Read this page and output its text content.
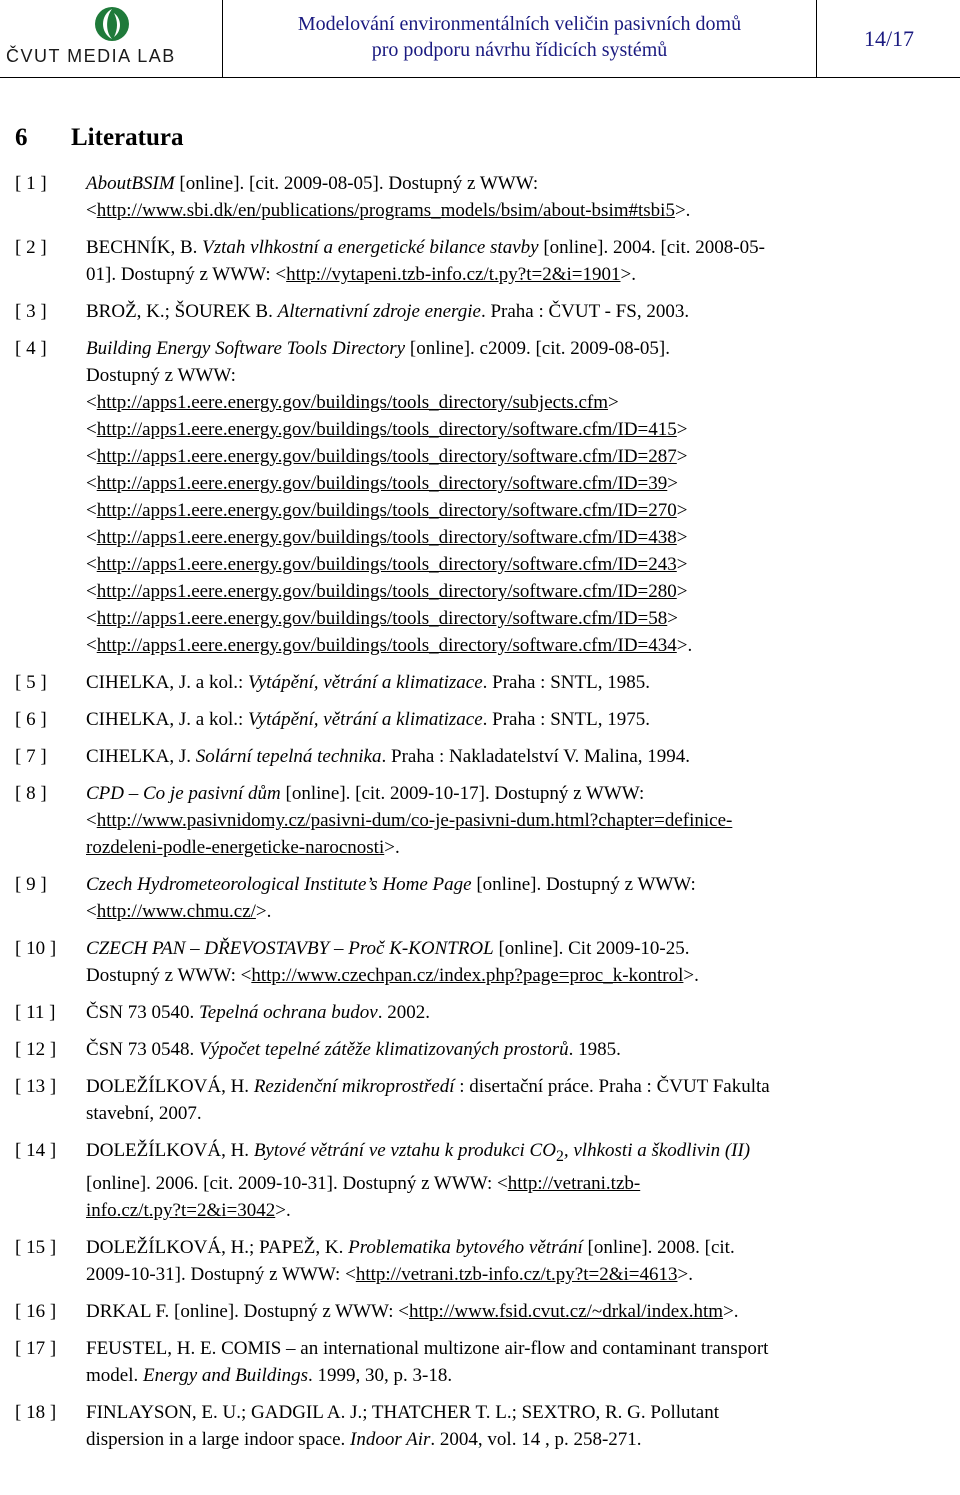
ČVUT MEDIA LAB
Modelování environmentálních veličin pasivních domů
pro podporu návrhu řídicích systémů	14/17
6 Literatura
[ 1 ] AboutBSIM [online]. [cit. 2009-08-05]. Dostupný z WWW:
<http://www.sbi.dk/en/publications/programs_models/bsim/about-bsim#tsbi5>.
[ 2 ] BECHNÍK, B. Vztah vlhkostní a energetické bilance stavby [online]. 2004. [cit. 2008-05-
01]. Dostupný z WWW: <http://vytapeni.tzb-info.cz/t.py?t=2&i=1901>.
[ 3 ] BROŽ, K.; ŠOUREK B. Alternativní zdroje energie. Praha : ČVUT - FS, 2003.
[ 4 ] Building Energy Software Tools Directory [online]. c2009. [cit. 2009-08-05].
Dostupný z WWW:
<http://apps1.eere.energy.gov/buildings/tools_directory/subjects.cfm>
<http://apps1.eere.energy.gov/buildings/tools_directory/software.cfm/ID=415>
<http://apps1.eere.energy.gov/buildings/tools_directory/software.cfm/ID=287>
<http://apps1.eere.energy.gov/buildings/tools_directory/software.cfm/ID=39>
<http://apps1.eere.energy.gov/buildings/tools_directory/software.cfm/ID=270>
<http://apps1.eere.energy.gov/buildings/tools_directory/software.cfm/ID=438>
<http://apps1.eere.energy.gov/buildings/tools_directory/software.cfm/ID=243>
<http://apps1.eere.energy.gov/buildings/tools_directory/software.cfm/ID=280>
<http://apps1.eere.energy.gov/buildings/tools_directory/software.cfm/ID=58>
<http://apps1.eere.energy.gov/buildings/tools_directory/software.cfm/ID=434>.
[ 5 ] CIHELKA, J. a kol.: Vytápění, větrání a klimatizace. Praha : SNTL, 1985.
[ 6 ] CIHELKA, J. a kol.: Vytápění, větrání a klimatizace. Praha : SNTL, 1975.
[ 7 ] CIHELKA, J. Solární tepelná technika. Praha : Nakladatelství V. Malina, 1994.
[ 8 ] CPD – Co je pasivní dům [online]. [cit. 2009-10-17]. Dostupný z WWW:
<http://www.pasivnidomy.cz/pasivni-dum/co-je-pasivni-dum.html?chapter=definice-
rozdeleni-podle-energeticke-narocnosti>.
[ 9 ] Czech Hydrometeorological Institute’s Home Page [online]. Dostupný z WWW:
<http://www.chmu.cz/>.
[ 10 ] CZECH PAN – DŘEVOSTAVBY – Proč K-KONTROL [online]. Cit 2009-10-25.
Dostupný z WWW: <http://www.czechpan.cz/index.php?page=proc_k-kontrol>.
[ 11 ] ČSN 73 0540. Tepelná ochrana budov. 2002.
[ 12 ] ČSN 73 0548. Výpočet tepelné zátěže klimatizovaných prostorů. 1985.
[ 13 ] DOLEŽÍLKOVÁ, H. Rezidenční mikroprostředí : disertační práce. Praha : ČVUT Fakulta
stavební, 2007.
[ 14 ] DOLEŽÍLKOVÁ, H. Bytové větrání ve vztahu k produkci $CO_2$, vlhkosti a škodlivin (II)
[online]. 2006. [cit. 2009-10-31]. Dostupný z WWW: <http://vetrani.tzb-
info.cz/t.py?t=2&i=3042>.
[ 15 ] DOLEŽÍLKOVÁ, H.; PAPEŽ, K. Problematika bytového větrání [online]. 2008. [cit.
2009-10-31]. Dostupný z WWW: <http://vetrani.tzb-info.cz/t.py?t=2&i=4613>.
[ 16 ] DRKAL F. [online]. Dostupný z WWW: <http://www.fsid.cvut.cz/~drkal/index.htm>.
[ 17 ] FEUSTEL, H. E. COMIS – an international multizone air-flow and contaminant transport
model. Energy and Buildings. 1999, 30, p. 3-18.
[ 18 ] FINLAYSON, E. U.; GADGIL A. J.; THATCHER T. L.; SEXTRO, R. G. Pollutant
dispersion in a large indoor space. Indoor Air. 2004, vol. 14 , p. 258-271.
